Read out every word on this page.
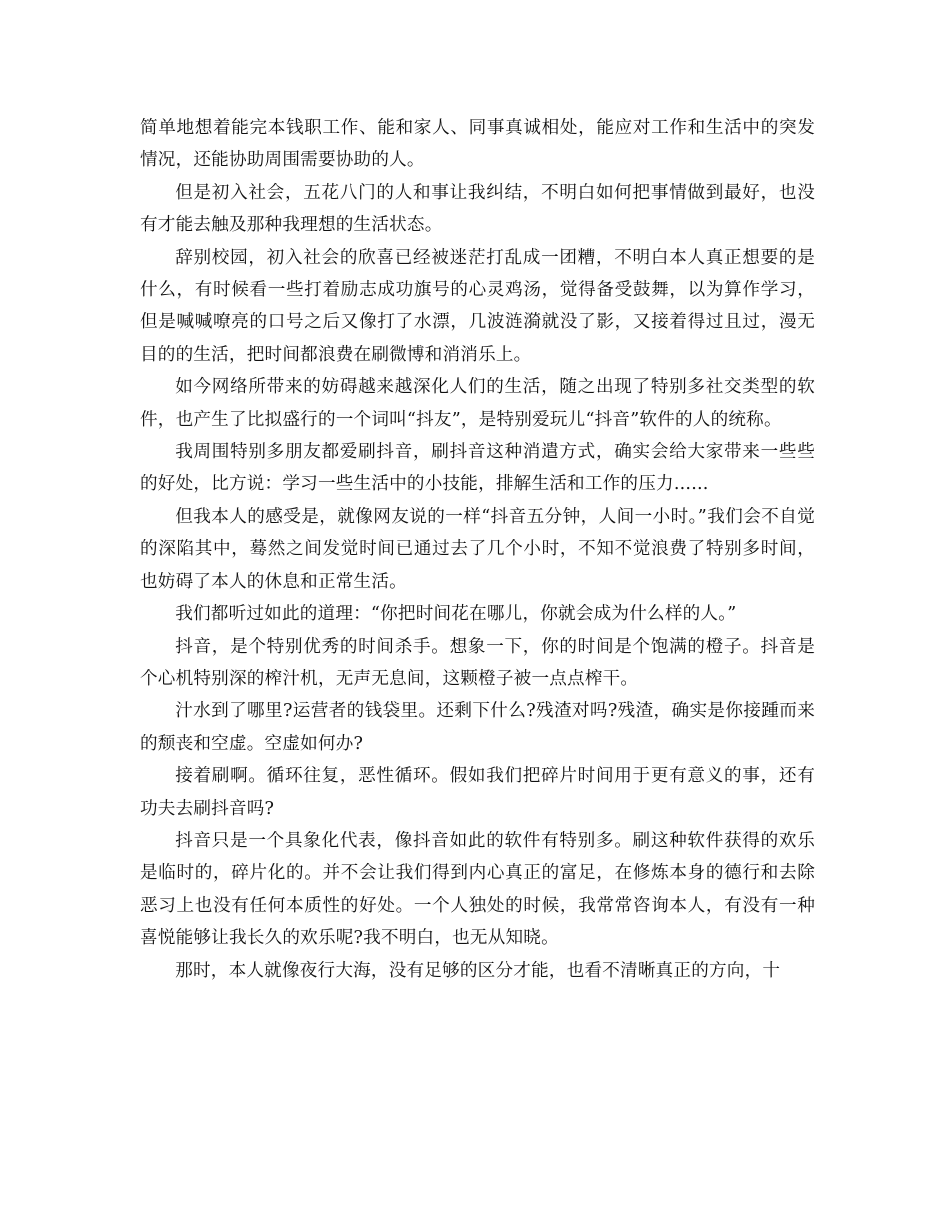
简单地想着能完本钱职工作、能和家人、同事真诚相处，能应对工作和生活中的突发情况，还能协助周围需要协助的人。

但是初入社会，五花八门的人和事让我纠结，不明白如何把事情做到最好，也没有才能去触及那种我理想的生活状态。

辞别校园，初入社会的欣喜已经被迷茫打乱成一团糟，不明白本人真正想要的是什么，有时候看一些打着励志成功旗号的心灵鸡汤，觉得备受鼓舞，以为算作学习，但是喊喊嘹亮的口号之后又像打了水漂，几波涟漪就没了影，又接着得过且过，漫无目的的生活，把时间都浪费在刷微博和消消乐上。

如今网络所带来的妨碍越来越深化人们的生活，随之出现了特别多社交类型的软件，也产生了比拟盛行的一个词叫“抖友”，是特别爱玩儿“抖音”软件的人的统称。

我周围特别多朋友都爱刷抖音，刷抖音这种消遣方式，确实会给大家带来一些些的好处，比方说：学习一些生活中的小技能，排解生活和工作的压力......

但我本人的感受是，就像网友说的一样“抖音五分钟，人间一小时。”我们会不自觉的深陷其中，蓦然之间发觉时间已通过去了几个小时，不知不觉浪费了特别多时间，也妨碍了本人的休息和正常生活。

我们都听过如此的道理：“你把时间花在哪儿，你就会成为什么样的人。”

抖音，是个特别优秀的时间杀手。想象一下，你的时间是个饱满的橙子。抖音是个心机特别深的榨汁机，无声无息间，这颗橙子被一点点榨干。

汁水到了哪里?运营者的钱袋里。还剩下什么?残渣对吗?残渣，确实是你接踵而来的颓丧和空虚。空虚如何办?

接着刷啊。循环往复，恶性循环。假如我们把碎片时间用于更有意义的事，还有功夫去刷抖音吗?

抖音只是一个具象化代表，像抖音如此的软件有特别多。刷这种软件获得的欢乐是临时的，碎片化的。并不会让我们得到内心真正的富足，在修炼本身的德行和去除恶习上也没有任何本质性的好处。一个人独处的时候，我常常咨询本人，有没有一种喜悦能够让我长久的欢乐呢?我不明白，也无从知晓。

那时，本人就像夜行大海，没有足够的区分才能，也看不清晰真正的方向，十
